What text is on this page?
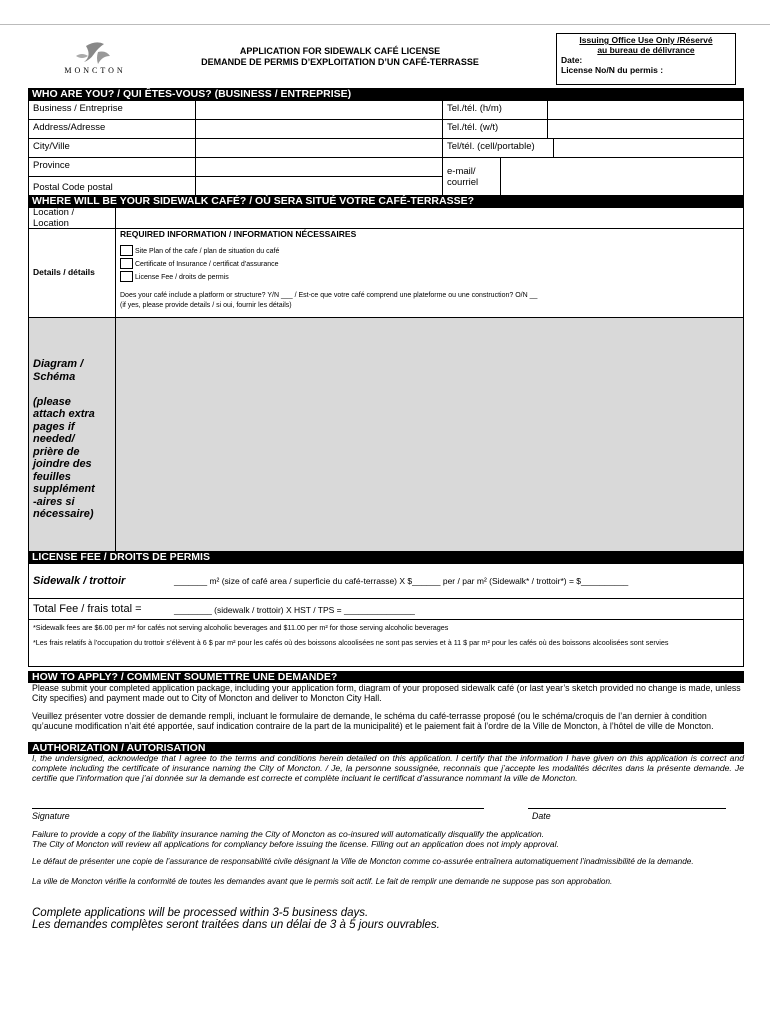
MONCTON
APPLICATION FOR SIDEWALK CAFÉ LICENSE
DEMANDE DE PERMIS D’EXPLOITATION D’UN CAFÉ-TERRASSE
Issuing Office Use Only /Réservé
au bureau de délivrance
Date:
License No/N du permis :
WHO ARE YOU? / QUI ÊTES-VOUS? (BUSINESS / ENTREPRISE)
Business / Entreprise	Tel./tél. (h/m)
Address/Adresse	Tel./tél. (w/t)
City/Ville	Tel/tél. (cell/portable)
Province
Postal Code postal
e-mail/
courriel
WHERE WILL BE YOUR SIDEWALK CAFÉ? / OÙ SERA SITUÉ VOTRE CAFÉ-TERRASSE?
Location /
Location
Details / détails
REQUIRED INFORMATION / INFORMATION NÉCESSAIRES
Site Plan of the cafe / plan de situation du café
Certificate of Insurance / certificat d’assurance
License Fee / droits de permis
Does your café include a platform or structure? Y/N ___ / Est-ce que votre café comprend une plateforme ou une construction? O/N __
(if yes, please provide details / si oui, fournir les détails)
Diagram /
Schéma

(please
attach extra
pages if
needed/
prière de
joindre des
feuilles
supplément
-aires si
nécessaire)
LICENSE FEE / DROITS DE PERMIS
Sidewalk / trottoir	_______ m² (size of café area / superficie du café-terrasse) X $______ per / par m² (Sidewalk* / trottoir*) = $__________
Total Fee / frais total =	________ (sidewalk / trottoir) X HST / TPS = _______________
*Sidewalk fees are $6.00 per m² for cafés not serving alcoholic beverages and $11.00 per m² for those serving alcoholic beverages
*Les frais relatifs à l’occupation du trottoir s’élèvent à 6 $ par m² pour les cafés où des boissons alcoolisées ne sont pas servies et à 11 $ par m² pour les cafés où des boissons alcoolisées sont servies
HOW TO APPLY? / COMMENT SOUMETTRE UNE DEMANDE?
Please submit your completed application package, including your application form, diagram of your proposed sidewalk café (or last year’s sketch provided no change is made, unless City specifies) and payment made out to City of Moncton and deliver to Moncton City Hall.
Veuillez présenter votre dossier de demande rempli, incluant le formulaire de demande, le schéma du café-terrasse proposé (ou le schéma/croquis de l’an dernier à condition qu’aucune modification n’ait été apportée, sauf indication contraire de la part de la municipalité) et le paiement fait à l’ordre de la Ville de Moncton, à l’hôtel de ville de Moncton.
AUTHORIZATION / AUTORISATION
I, the undersigned, acknowledge that I agree to the terms and conditions herein detailed on this application. I certify that the information I have given on this application is correct and complete including the certificate of insurance naming the City of Moncton. / Je, la personne soussignée, reconnais que j’accepte les modalités décrites dans la présente demande. Je certifie que l’information que j’ai donnée sur la demande est correcte et complète incluant le certificat d’assurance nommant la ville de Moncton.
Signature	Date
Failure to provide a copy of the liability insurance naming the City of Moncton as co-insured will automatically disqualify the application.
The City of Moncton will review all applications for compliancy before issuing the license. Filling out an application does not imply approval.
Le défaut de présenter une copie de l’assurance de responsabilité civile désignant la Ville de Moncton comme co-assurée entraînera automatiquement l’inadmissibilité de la demande.
La ville de Moncton vérifie la conformité de toutes les demandes avant que le permis soit actif. Le fait de remplir une demande ne suppose pas son approbation.
Complete applications will be processed within 3-5 business days.
Les demandes complètes seront traitées dans un délai de 3 à 5 jours ouvrables.
